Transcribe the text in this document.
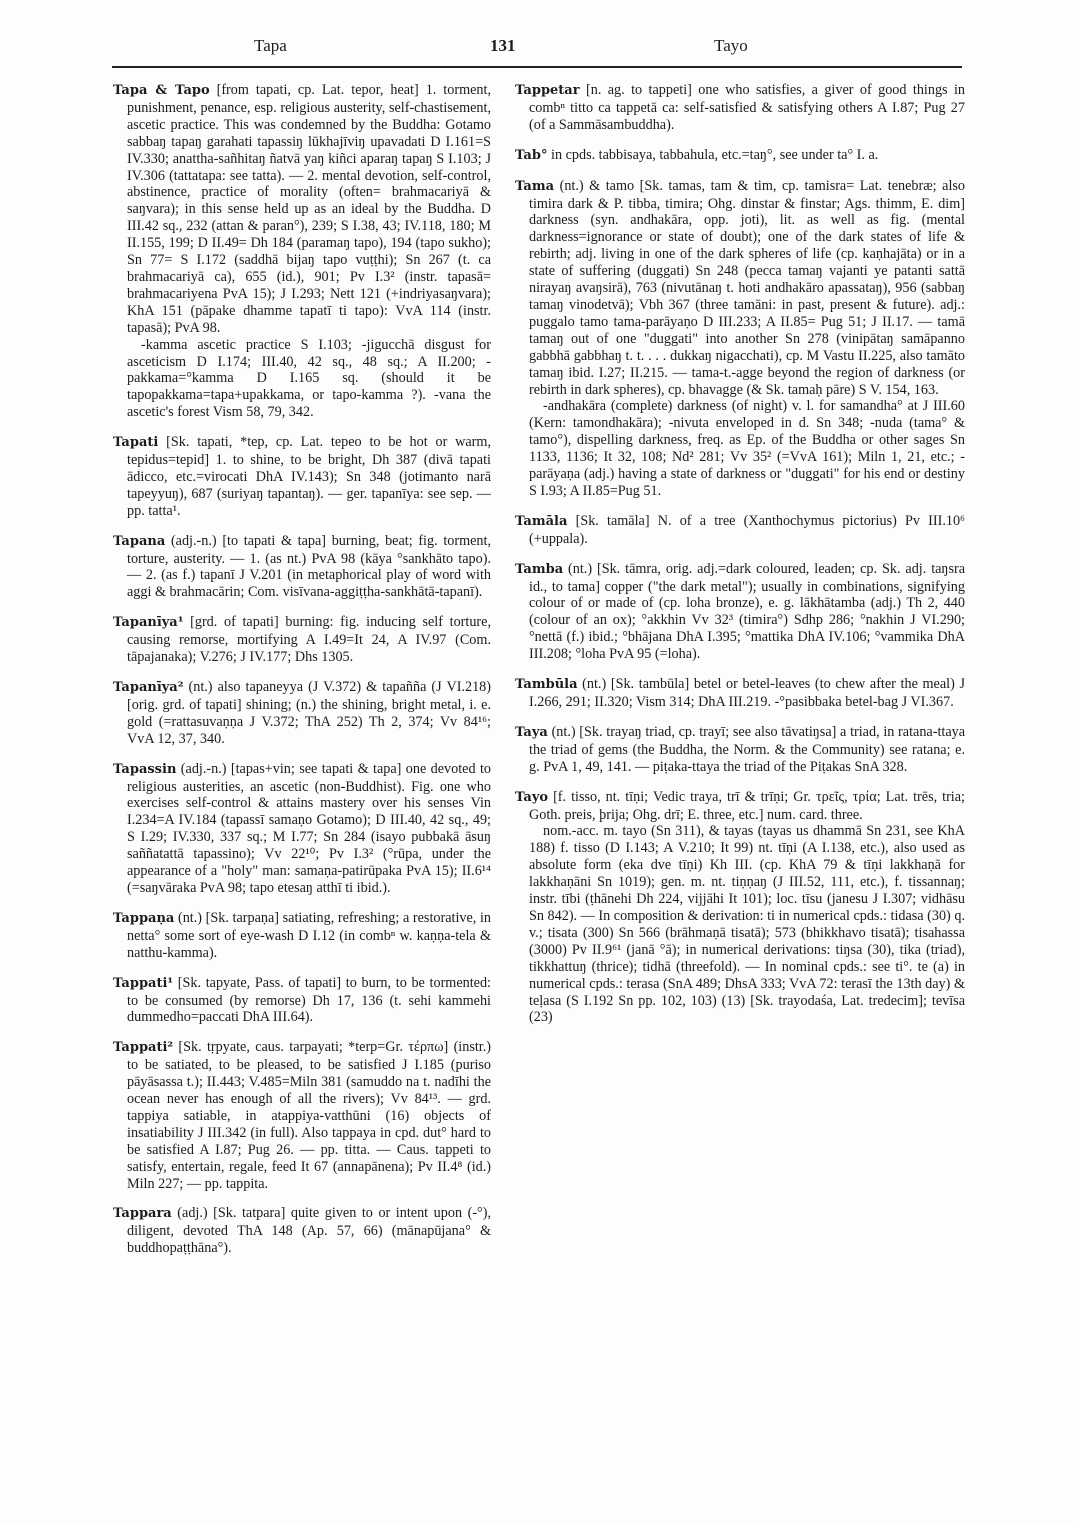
Tapa	131	Tayo

Tapa & Tapo [from tapati, cp. Lat. tepor, heat] 1. torment, punishment, penance, esp. religious austerity, self-chastisement, ascetic practice. This was condemned by the Buddha: Gotamo sabbaŋ tapaŋ garahati tapassiŋ lūkhajīviŋ upavadati D I.161=S IV.330; anattha-sañhitaŋ ñatvā yaŋ kiñci aparaŋ tapaŋ S I.103; J IV.306 (tattatapa: see tatta). — 2. mental devotion, self-control, abstinence, practice of morality (often= brahmacariyā & saŋvara); in this sense held up as an ideal by the Buddha. D III.42 sq., 232 (attan & paran°), 239; S I.38, 43; IV.118, 180; M II.155, 199; D II.49= Dh 184 (paramaŋ tapo), 194 (tapo sukho); Sn 77= S I.172 (saddhā bijaŋ tapo vuṭṭhi); Sn 267 (t. ca brahmacariyā ca), 655 (id.), 901; Pv I.3² (instr. tapasā= brahmacariyena PvA 15); J I.293; Nett 121 (+indriyasaŋvara); KhA 151 (pāpake dhamme tapatī ti tapo): VvA 114 (instr. tapasā); PvA 98.

-kamma ascetic practice S I.103; -jigucchā disgust for asceticism D I.174; III.40, 42 sq., 48 sq.; A II.200; -pakkama=°kamma D I.165 sq. (should it be tapopakkama=tapa+upakkama, or tapo-kamma ?). -vana the ascetic's forest Vism 58, 79, 342.

Tapati [Sk. tapati, *tep, cp. Lat. tepeo to be hot or warm, tepidus=tepid] 1. to shine, to be bright, Dh 387 (divā tapati ādicco, etc.=virocati DhA IV.143); Sn 348 (jotimanto narā tapeyyuŋ), 687 (suriyaŋ tapantaŋ). — ger. tapanīya: see sep. — pp. tatta¹.

Tapana (adj.-n.) [to tapati & tapa] burning, beat; fig. torment, torture, austerity. — 1. (as nt.) PvA 98 (kāya °sankhāto tapo). — 2. (as f.) tapanī J V.201 (in metaphorical play of word with aggi & brahmacārin; Com. visīvana-aggiṭṭha-sankhātā-tapanī).

Tapanīya¹ [grd. of tapati] burning: fig. inducing self torture, causing remorse, mortifying A I.49=It 24, A IV.97 (Com. tāpajanaka); V.276; J IV.177; Dhs 1305.

Tapanīya² (nt.) also tapaneyya (J V.372) & tapañña (J VI.218) [orig. grd. of tapati] shining; (n.) the shining, bright metal, i. e. gold (=rattasuvaṇṇa J V.372; ThA 252) Th 2, 374; Vv 84¹⁶; VvA 12, 37, 340.

Tapassin (adj.-n.) [tapas+vin; see tapati & tapa] one devoted to religious austerities, an ascetic (non-Buddhist). Fig. one who exercises self-control & attains mastery over his senses Vin I.234=A IV.184 (tapassī samaṇo Gotamo); D III.40, 42 sq., 49; S I.29; IV.330, 337 sq.; M I.77; Sn 284 (isayo pubbakā āsuŋ saññatattā tapassino); Vv 22¹⁰; Pv I.3² (°rūpa, under the appearance of a "holy" man: samaṇa-patirūpaka PvA 15); II.6¹⁴ (=saŋvāraka PvA 98; tapo etesaŋ atthī ti ibid.).

Tappaṇa (nt.) [Sk. tarpaṇa] satiating, refreshing; a restorative, in netta° some sort of eye-wash D I.12 (in combⁿ w. kaṇṇa-tela & natthu-kamma).

Tappati¹ [Sk. tapyate, Pass. of tapati] to burn, to be tormented: to be consumed (by remorse) Dh 17, 136 (t. sehi kammehi dummedho=paccati DhA III.64).

Tappati² [Sk. tṛpyate, caus. tarpayati; *terp=Gr. τέρπω] (instr.) to be satiated, to be pleased, to be satisfied J I.185 (puriso pāyāsassa t.); II.443; V.485=Miln 381 (samuddo na t. nadīhi the ocean never has enough of all the rivers); Vv 84¹³. — grd. tappiya satiable, in atappiya-vatthūni (16) objects of insatiability J III.342 (in full). Also tappaya in cpd. dut° hard to be satisfied A I.87; Pug 26. — pp. titta. — Caus. tappeti to satisfy, entertain, regale, feed It 67 (annapānena); Pv II.4⁸ (id.) Miln 227; — pp. tappita.

Tappara (adj.) [Sk. tatpara] quite given to or intent upon (-°), diligent, devoted ThA 148 (Ap. 57, 66) (mānapūjana° & buddhopaṭṭhāna°).

Tappetar [n. ag. to tappeti] one who satisfies, a giver of good things in combⁿ titto ca tappetā ca: self-satisfied & satisfying others A I.87; Pug 27 (of a Sammāsambuddha).

Tab° in cpds. tabbisaya, tabbahula, etc.=taŋ°, see under ta° I. a.

Tama (nt.) & tamo [Sk. tamas, tam & tim, cp. tamisra= Lat. tenebræ; also timira dark & P. tibba, timira; Ohg. dinstar & finstar; Ags. thimm, E. dim] darkness (syn. andhakāra, opp. joti), lit. as well as fig. (mental darkness=ignorance or state of doubt); one of the dark states of life & rebirth; adj. living in one of the dark spheres of life (cp. kaṇhajāta) or in a state of suffering (duggati) Sn 248 (pecca tamaŋ vajanti ye patanti sattā nirayaŋ avaŋsirā), 763 (nivutānaŋ t. hoti andhakāro apassataŋ), 956 (sabbaŋ tamaŋ vinodetvā); Vbh 367 (three tamāni: in past, present & future). adj.: puggalo tamo tama-parāyaṇo D III.233; A II.85= Pug 51; J II.17. — tamā tamaŋ out of one "duggati" into another Sn 278 (vinipātaŋ samāpanno gabbhā gabbhaŋ t. t. . . . dukkaŋ nigacchati), cp. M Vastu II.225, also tamāto tamaŋ ibid. I.27; II.215. — tama-t.-agge beyond the region of darkness (or rebirth in dark spheres), cp. bhavagge (& Sk. tamaḥ pāre) S V. 154, 163.

-andhakāra (complete) darkness (of night) v. l. for samandha° at J III.60 (Kern: tamondhakāra); -nivuta enveloped in d. Sn 348; -nuda (tama° & tamo°), dispelling darkness, freq. as Ep. of the Buddha or other sages Sn 1133, 1136; It 32, 108; Nd² 281; Vv 35² (=VvA 161); Miln 1, 21, etc.; -parāyaṇa (adj.) having a state of darkness or "duggati" for his end or destiny S I.93; A II.85=Pug 51.

Tamāla [Sk. tamāla] N. of a tree (Xanthochymus pictorius) Pv III.10⁶ (+uppala).

Tamba (nt.) [Sk. tāmra, orig. adj.=dark coloured, leaden; cp. Sk. adj. taŋsra id., to tama] copper ("the dark metal"); usually in combinations, signifying colour of or made of (cp. loha bronze), e. g. lākhātamba (adj.) Th 2, 440 (colour of an ox); °akkhin Vv 32³ (timira°) Sdhp 286; °nakhin J VI.290; °nettā (f.) ibid.; °bhājana DhA I.395; °mattika DhA IV.106; °vammika DhA III.208; °loha PvA 95 (=loha).

Tambūla (nt.) [Sk. tambūla] betel or betel-leaves (to chew after the meal) J I.266, 291; II.320; Vism 314; DhA III.219. -°pasibbaka betel-bag J VI.367.

Taya (nt.) [Sk. trayaŋ triad, cp. trayī; see also tāvatiŋsa] a triad, in ratana-ttaya the triad of gems (the Buddha, the Norm. & the Community) see ratana; e. g. PvA 1, 49, 141. — piṭaka-ttaya the triad of the Piṭakas SnA 328.

Tayo [f. tisso, nt. tīṇi; Vedic traya, trī & trīṇi; Gr. τρεῖς, τρία; Lat. trēs, tria; Goth. preis, þrija; Ohg. drī; E. three, etc.] num. card. three.

nom.-acc. m. tayo (Sn 311), & tayas (tayas us dhammā Sn 231, see KhA 188) f. tisso (D I.143; A V.210; It 99) nt. tīṇi (A I.138, etc.), also used as absolute form (eka dve tīṇi) Kh III. (cp. KhA 79 & tīṇi lakkhaṇā for lakkhaṇāni Sn 1019); gen. m. nt. tiṇṇaŋ (J III.52, 111, etc.), f. tissannaŋ; instr. tībi (ṭhānehi Dh 224, vijjāhi It 101); loc. tīsu (janesu J I.307; vidhāsu Sn 842). — In composition & derivation: ti in numerical cpds.: tidasa (30) q. v.; tisata (300) Sn 566 (brāhmaṇā tisatā); 573 (bhikkhavo tisatā); tisahassa (3000) Pv II.9⁶¹ (janā °ā); in numerical derivations: tiŋsa (30), tika (triad), tikkhattuŋ (thrice); tidhā (threefold). — In nominal cpds.: see ti°. te (a) in numerical cpds.: terasa (SnA 489; DhsA 333; VvA 72: terasī the 13th day) & teḷasa (S I.192 Sn pp. 102, 103) (13) [Sk. trayodaśa, Lat. tredecim]; tevīsa (23)
